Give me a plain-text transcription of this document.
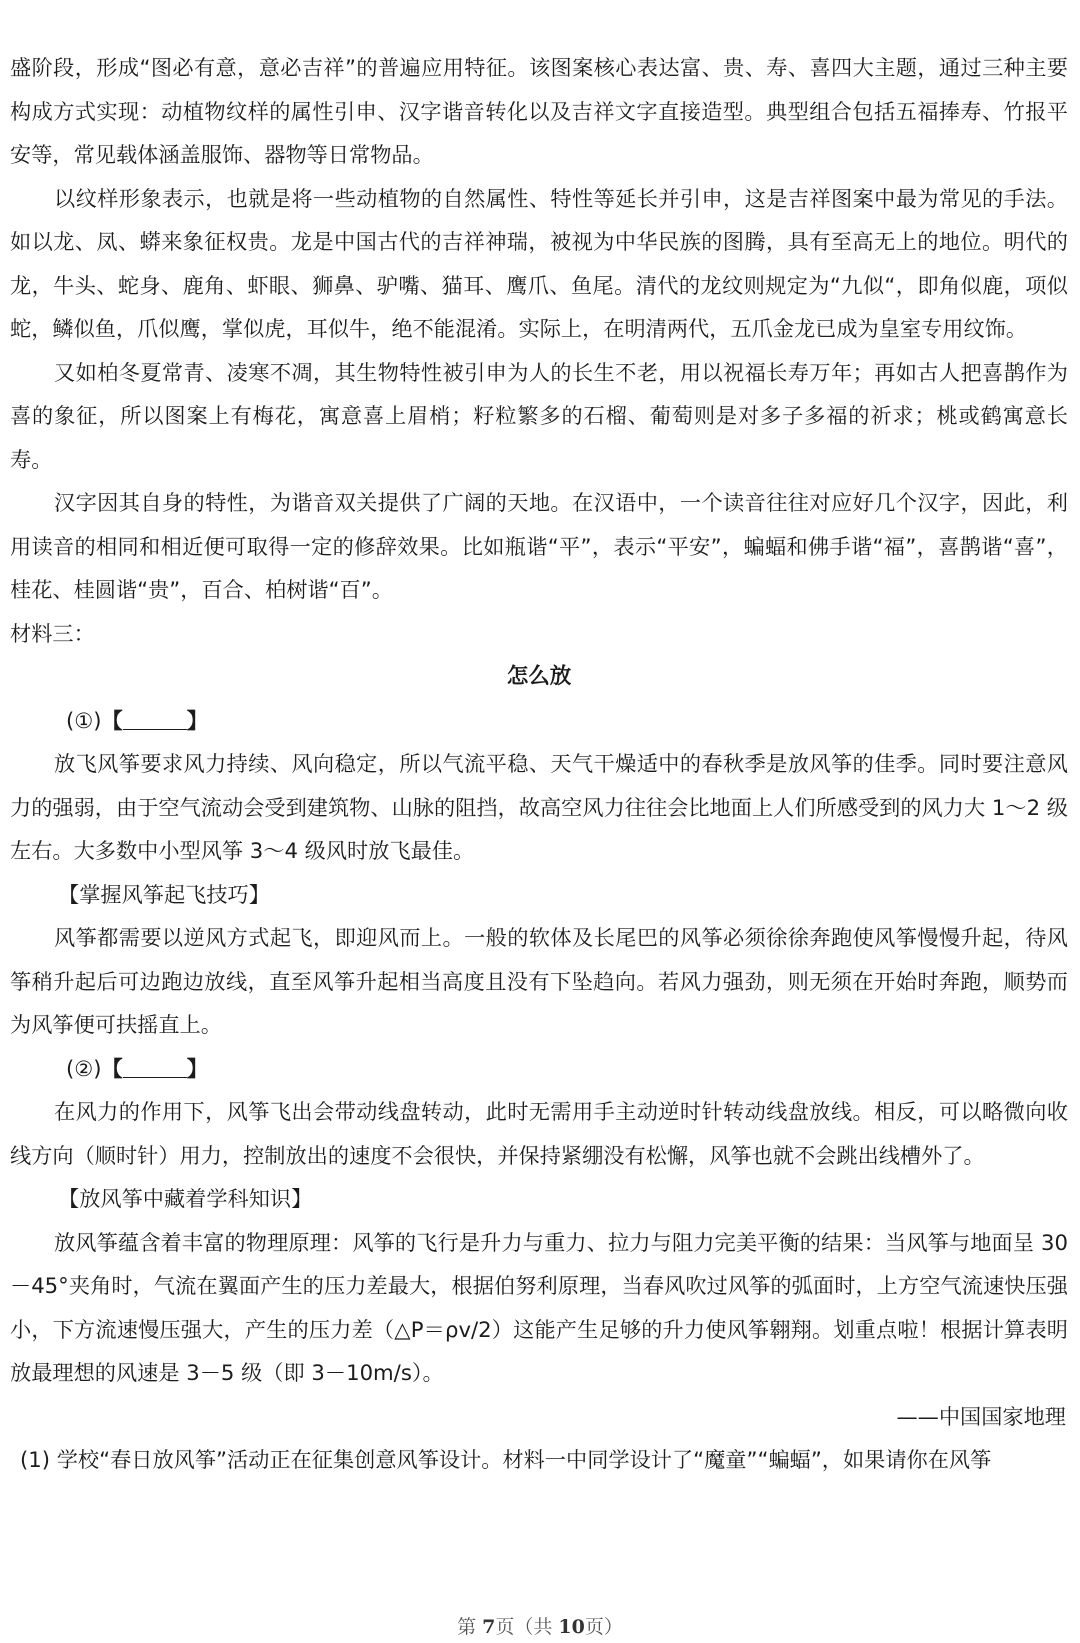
盛阶段，形成“图必有意，意必吉祥”的普遍应用特征。该图案核心表达富、贵、寿、喜四大主题，通过三种主要构成方式实现：动植物纹样的属性引申、汉字谐音转化以及吉祥文字直接造型。典型组合包括五福捧寿、竹报平安等，常见载体涵盖服饰、器物等日常物品。

以纹样形象表示，也就是将一些动植物的自然属性、特性等延长并引申，这是吉祥图案中最为常见的手法。如以龙、凤、蟒来象征权贵。龙是中国古代的吉祥神瑞，被视为中华民族的图腾，具有至高无上的地位。明代的龙，牛头、蛇身、鹿角、虾眼、狮鼻、驴嘴、猫耳、鹰爪、鱼尾。清代的龙纹则规定为“九似“，即角似鹿，项似蛇，鳞似鱼，爪似鹰，掌似虎，耳似牛，绝不能混淆。实际上，在明清两代，五爪金龙已成为皇室专用纹饰。

又如柏冬夏常青、凌寒不凋，其生物特性被引申为人的长生不老，用以祝福长寿万年；再如古人把喜鹊作为喜的象征，所以图案上有梅花，寓意喜上眉梢；籽粒繁多的石榴、葡萄则是对多子多福的祈求；桃或鹤寓意长寿。

汉字因其自身的特性，为谐音双关提供了广阔的天地。在汉语中，一个读音往往对应好几个汉字，因此，利用读音的相同和相近便可取得一定的修辞效果。比如瓶谐“平”，表示“平安”，蝙蝠和佛手谐“福”，喜鹊谐“喜”，桂花、桂圆谐“贵”，百合、柏树谐“百”。

材料三：

怎么放

(①)【	】

放飞风筝要求风力持续、风向稳定，所以气流平稳、天气干燥适中的春秋季是放风筝的佳季。同时要注意风力的强弱，由于空气流动会受到建筑物、山脉的阻挡，故高空风力往往会比地面上人们所感受到的风力大 1～2 级左右。大多数中小型风筝 3～4 级风时放飞最佳。

【掌握风筝起飞技巧】

风筝都需要以逆风方式起飞，即迎风而上。一般的软体及长尾巴的风筝必须徐徐奔跑使风筝慢慢升起，待风筝稍升起后可边跑边放线，直至风筝升起相当高度且没有下坠趋向。若风力强劲，则无须在开始时奔跑，顺势而为风筝便可扶摇直上。

(②)【	】

在风力的作用下，风筝飞出会带动线盘转动，此时无需用手主动逆时针转动线盘放线。相反，可以略微向收线方向（顺时针）用力，控制放出的速度不会很快，并保持紧绷没有松懈，风筝也就不会跳出线槽外了。

【放风筝中藏着学科知识】

放风筝蕴含着丰富的物理原理：风筝的飞行是升力与重力、拉力与阻力完美平衡的结果：当风筝与地面呈 30－45°夹角时，气流在翼面产生的压力差最大，根据伯努利原理，当春风吹过风筝的弧面时，上方空气流速快压强小，下方流速慢压强大，产生的压力差（△P＝ρv/2）这能产生足够的升力使风筝翱翔。划重点啦！根据计算表明放最理想的风速是 3－5 级（即 3－10m/s）。

——中国国家地理

(1) 学校“春日放风筝”活动正在征集创意风筝设计。材料一中同学设计了“魔童”“蝙蝠”，如果请你在风筝

第 7页（共 10页）
